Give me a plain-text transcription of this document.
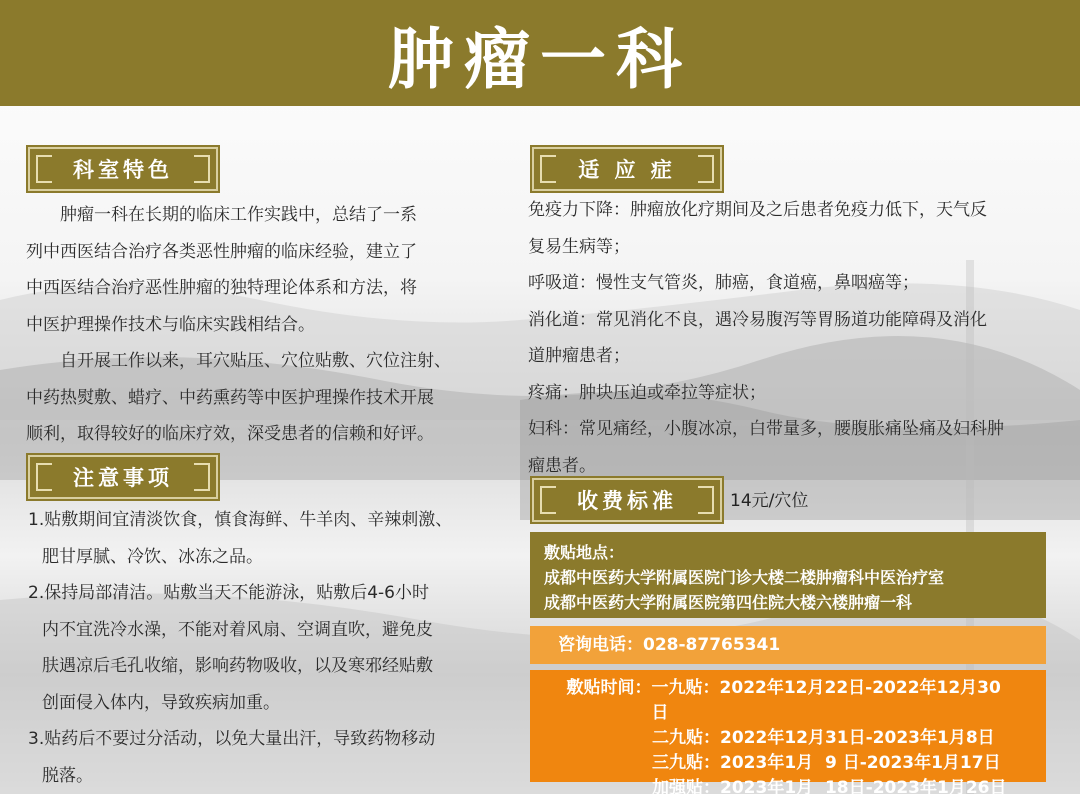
肿瘤一科
科室特色
肿瘤一科在长期的临床工作实践中，总结了一系
列中西医结合治疗各类恶性肿瘤的临床经验，建立了
中西医结合治疗恶性肿瘤的独特理论体系和方法，将
中医护理操作技术与临床实践相结合。
自开展工作以来，耳穴贴压、穴位贴敷、穴位注射、
中药热熨敷、蜡疗、中药熏药等中医护理操作技术开展
顺利，取得较好的临床疗效，深受患者的信赖和好评。
注意事项
1.贴敷期间宜清淡饮食，慎食海鲜、牛羊肉、辛辣刺激、
肥甘厚腻、冷饮、冰冻之品。
2.保持局部清洁。贴敷当天不能游泳，贴敷后4-6小时
内不宜洗冷水澡，不能对着风扇、空调直吹，避免皮
肤遇凉后毛孔收缩，影响药物吸收，以及寒邪经贴敷
创面侵入体内，导致疾病加重。
3.贴药后不要过分活动，以免大量出汗，导致药物移动
脱落。
适 应 症
免疫力下降：肿瘤放化疗期间及之后患者免疫力低下，天气反
复易生病等；
呼吸道：慢性支气管炎，肺癌，食道癌，鼻咽癌等；
消化道：常见消化不良，遇冷易腹泻等胃肠道功能障碍及消化
道肿瘤患者；
疼痛：肿块压迫或牵拉等症状；
妇科：常见痛经，小腹冰凉，白带量多，腰腹胀痛坠痛及妇科肿
瘤患者。
收费标准	14元/穴位
敷贴地点：
成都中医药大学附属医院门诊大楼二楼肿瘤科中医治疗室
成都中医药大学附属医院第四住院大楼六楼肿瘤一科
咨询电话：028-87765341
敷贴时间： 一九贴：2022年12月22日-2022年12月30日
二九贴：2022年12月31日-2023年1月8日
三九贴：2023年1月  9 日-2023年1月17日
加强贴：2023年1月  18日-2023年1月26日
